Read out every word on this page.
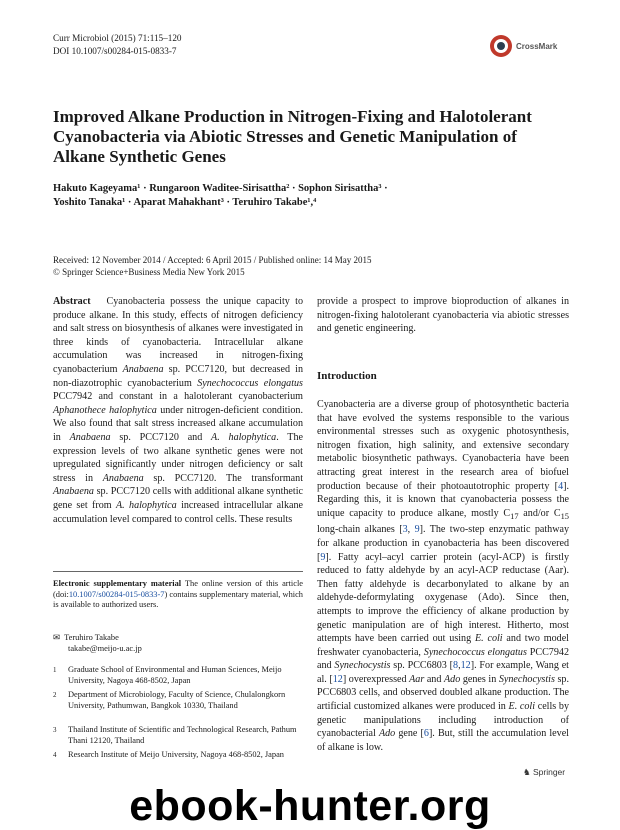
Curr Microbiol (2015) 71:115–120
DOI 10.1007/s00284-015-0833-7	CrossMark
Improved Alkane Production in Nitrogen-Fixing and Halotolerant Cyanobacteria via Abiotic Stresses and Genetic Manipulation of Alkane Synthetic Genes
Hakuto Kageyama¹ · Rungaroon Waditee-Sirisattha² · Sophon Sirisattha³ ·
Yoshito Tanaka¹ · Aparat Mahakhant³ · Teruhiro Takabe¹,⁴
Received: 12 November 2014 / Accepted: 6 April 2015 / Published online: 14 May 2015
© Springer Science+Business Media New York 2015
Abstract Cyanobacteria possess the unique capacity to produce alkane. In this study, effects of nitrogen deficiency and salt stress on biosynthesis of alkanes were investigated in three kinds of cyanobacteria. Intracellular alkane accumulation was increased in nitrogen-fixing cyanobacterium Anabaena sp. PCC7120, but decreased in non-diazotrophic cyanobacterium Synechococcus elongatus PCC7942 and constant in a halotolerant cyanobacterium Aphanothece halophytica under nitrogen-deficient condition. We also found that salt stress increased alkane accumulation in Anabaena sp. PCC7120 and A. halophytica. The expression levels of two alkane synthetic genes were not upregulated significantly under nitrogen deficiency or salt stress in Anabaena sp. PCC7120. The transformant Anabaena sp. PCC7120 cells with additional alkane synthetic gene set from A. halophytica increased intracellular alkane accumulation level compared to control cells. These results
provide a prospect to improve bioproduction of alkanes in nitrogen-fixing halotolerant cyanobacteria via abiotic stresses and genetic engineering.
Introduction
Cyanobacteria are a diverse group of photosynthetic bacteria that have evolved the systems responsible to the various environmental stresses such as oxygenic photosynthesis, nitrogen fixation, high salinity, and extensive secondary metabolic biosynthetic pathways. Cyanobacteria have been attracting great interest in the research area of biofuel production because of their photoautotrophic property [4]. Regarding this, it is known that cyanobacteria possess the unique capacity to produce alkane, mostly $C_{17}$ and/or $C_{15}$ long-chain alkanes [3, 9]. The two-step enzymatic pathway for alkane production in cyanobacteria has been discovered [9]. Fatty acyl–acyl carrier protein (acyl-ACP) is firstly reduced to fatty aldehyde by an acyl-ACP reductase (Aar). Then fatty aldehyde is decarbonylated to alkane by an aldehyde-deformylating oxygenase (Ado). Since then, attempts to improve the efficiency of alkane production by genetic manipulation are of high interest. Hitherto, most attempts have been carried out using E. coli and two model freshwater cyanobacteria, Synechococcus elongatus PCC7942 and Synechocystis sp. PCC6803 [8,12]. For example, Wang et al. [12] overexpressed Aar and Ado genes in Synechocystis sp. PCC6803 cells, and observed doubled alkane production. The artificial customized alkanes were produced in E. coli cells by genetic manipulations including introduction of cyanobacterial Ado gene [6]. But, still the accumulation level of alkane is low.
Electronic supplementary material The online version of this article (doi:10.1007/s00284-015-0833-7) contains supplementary material, which is available to authorized users.
✉ Teruhiro Takabe
takabe@meijo-u.ac.jp
1 Graduate School of Environmental and Human Sciences, Meijo University, Nagoya 468-8502, Japan
2 Department of Microbiology, Faculty of Science, Chulalongkorn University, Pathumwan, Bangkok 10330, Thailand
3 Thailand Institute of Scientific and Technological Research, Pathum Thani 12120, Thailand
4 Research Institute of Meijo University, Nagoya 468-8502, Japan
♞ Springer
ebook-hunter.org
